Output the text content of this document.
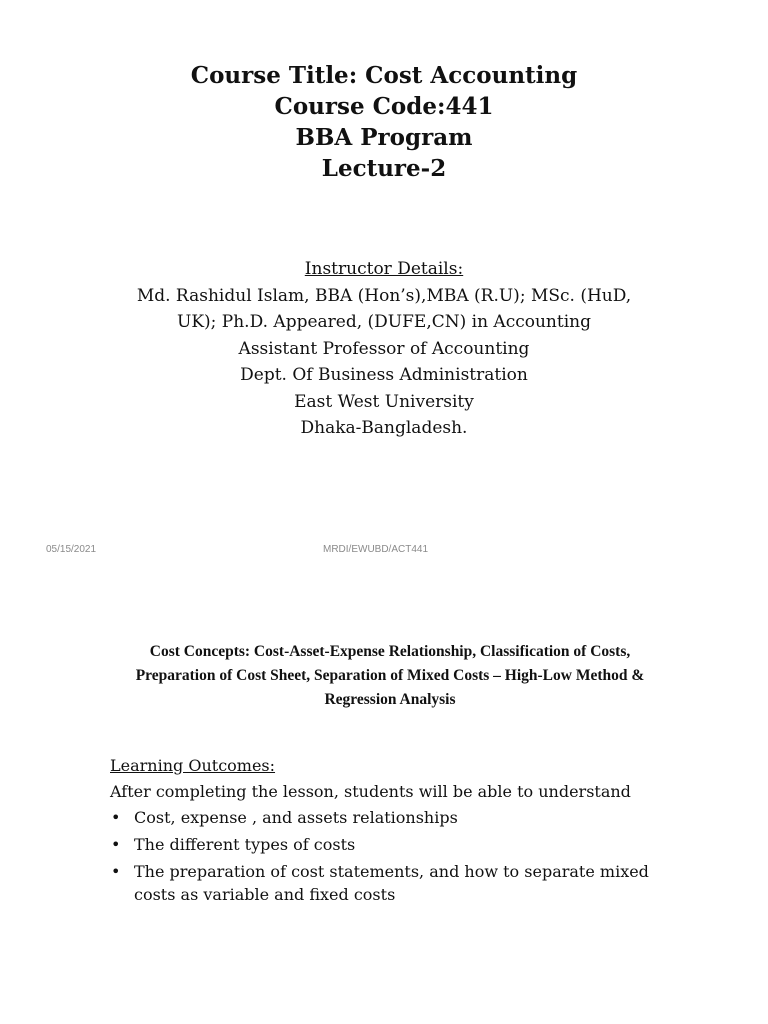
Course Title: Cost Accounting
Course Code:441
BBA Program
Lecture-2
Instructor Details:
Md. Rashidul Islam, BBA (Hon’s),MBA (R.U); MSc. (HuD,
UK); Ph.D. Appeared, (DUFE,CN) in Accounting
Assistant Professor of Accounting
Dept. Of Business Administration
East West University
Dhaka-Bangladesh.
05/15/2021	MRDI/EWUBD/ACT441
Cost Concepts: Cost-Asset-Expense Relationship, Classification of Costs,
Preparation of Cost Sheet, Separation of Mixed Costs – High-Low Method &
Regression Analysis
Learning Outcomes:
After completing the lesson, students will be able to understand
• Cost, expense , and assets relationships
• The different types of costs
• The preparation of cost statements, and how to separate mixed costs as variable and fixed costs
